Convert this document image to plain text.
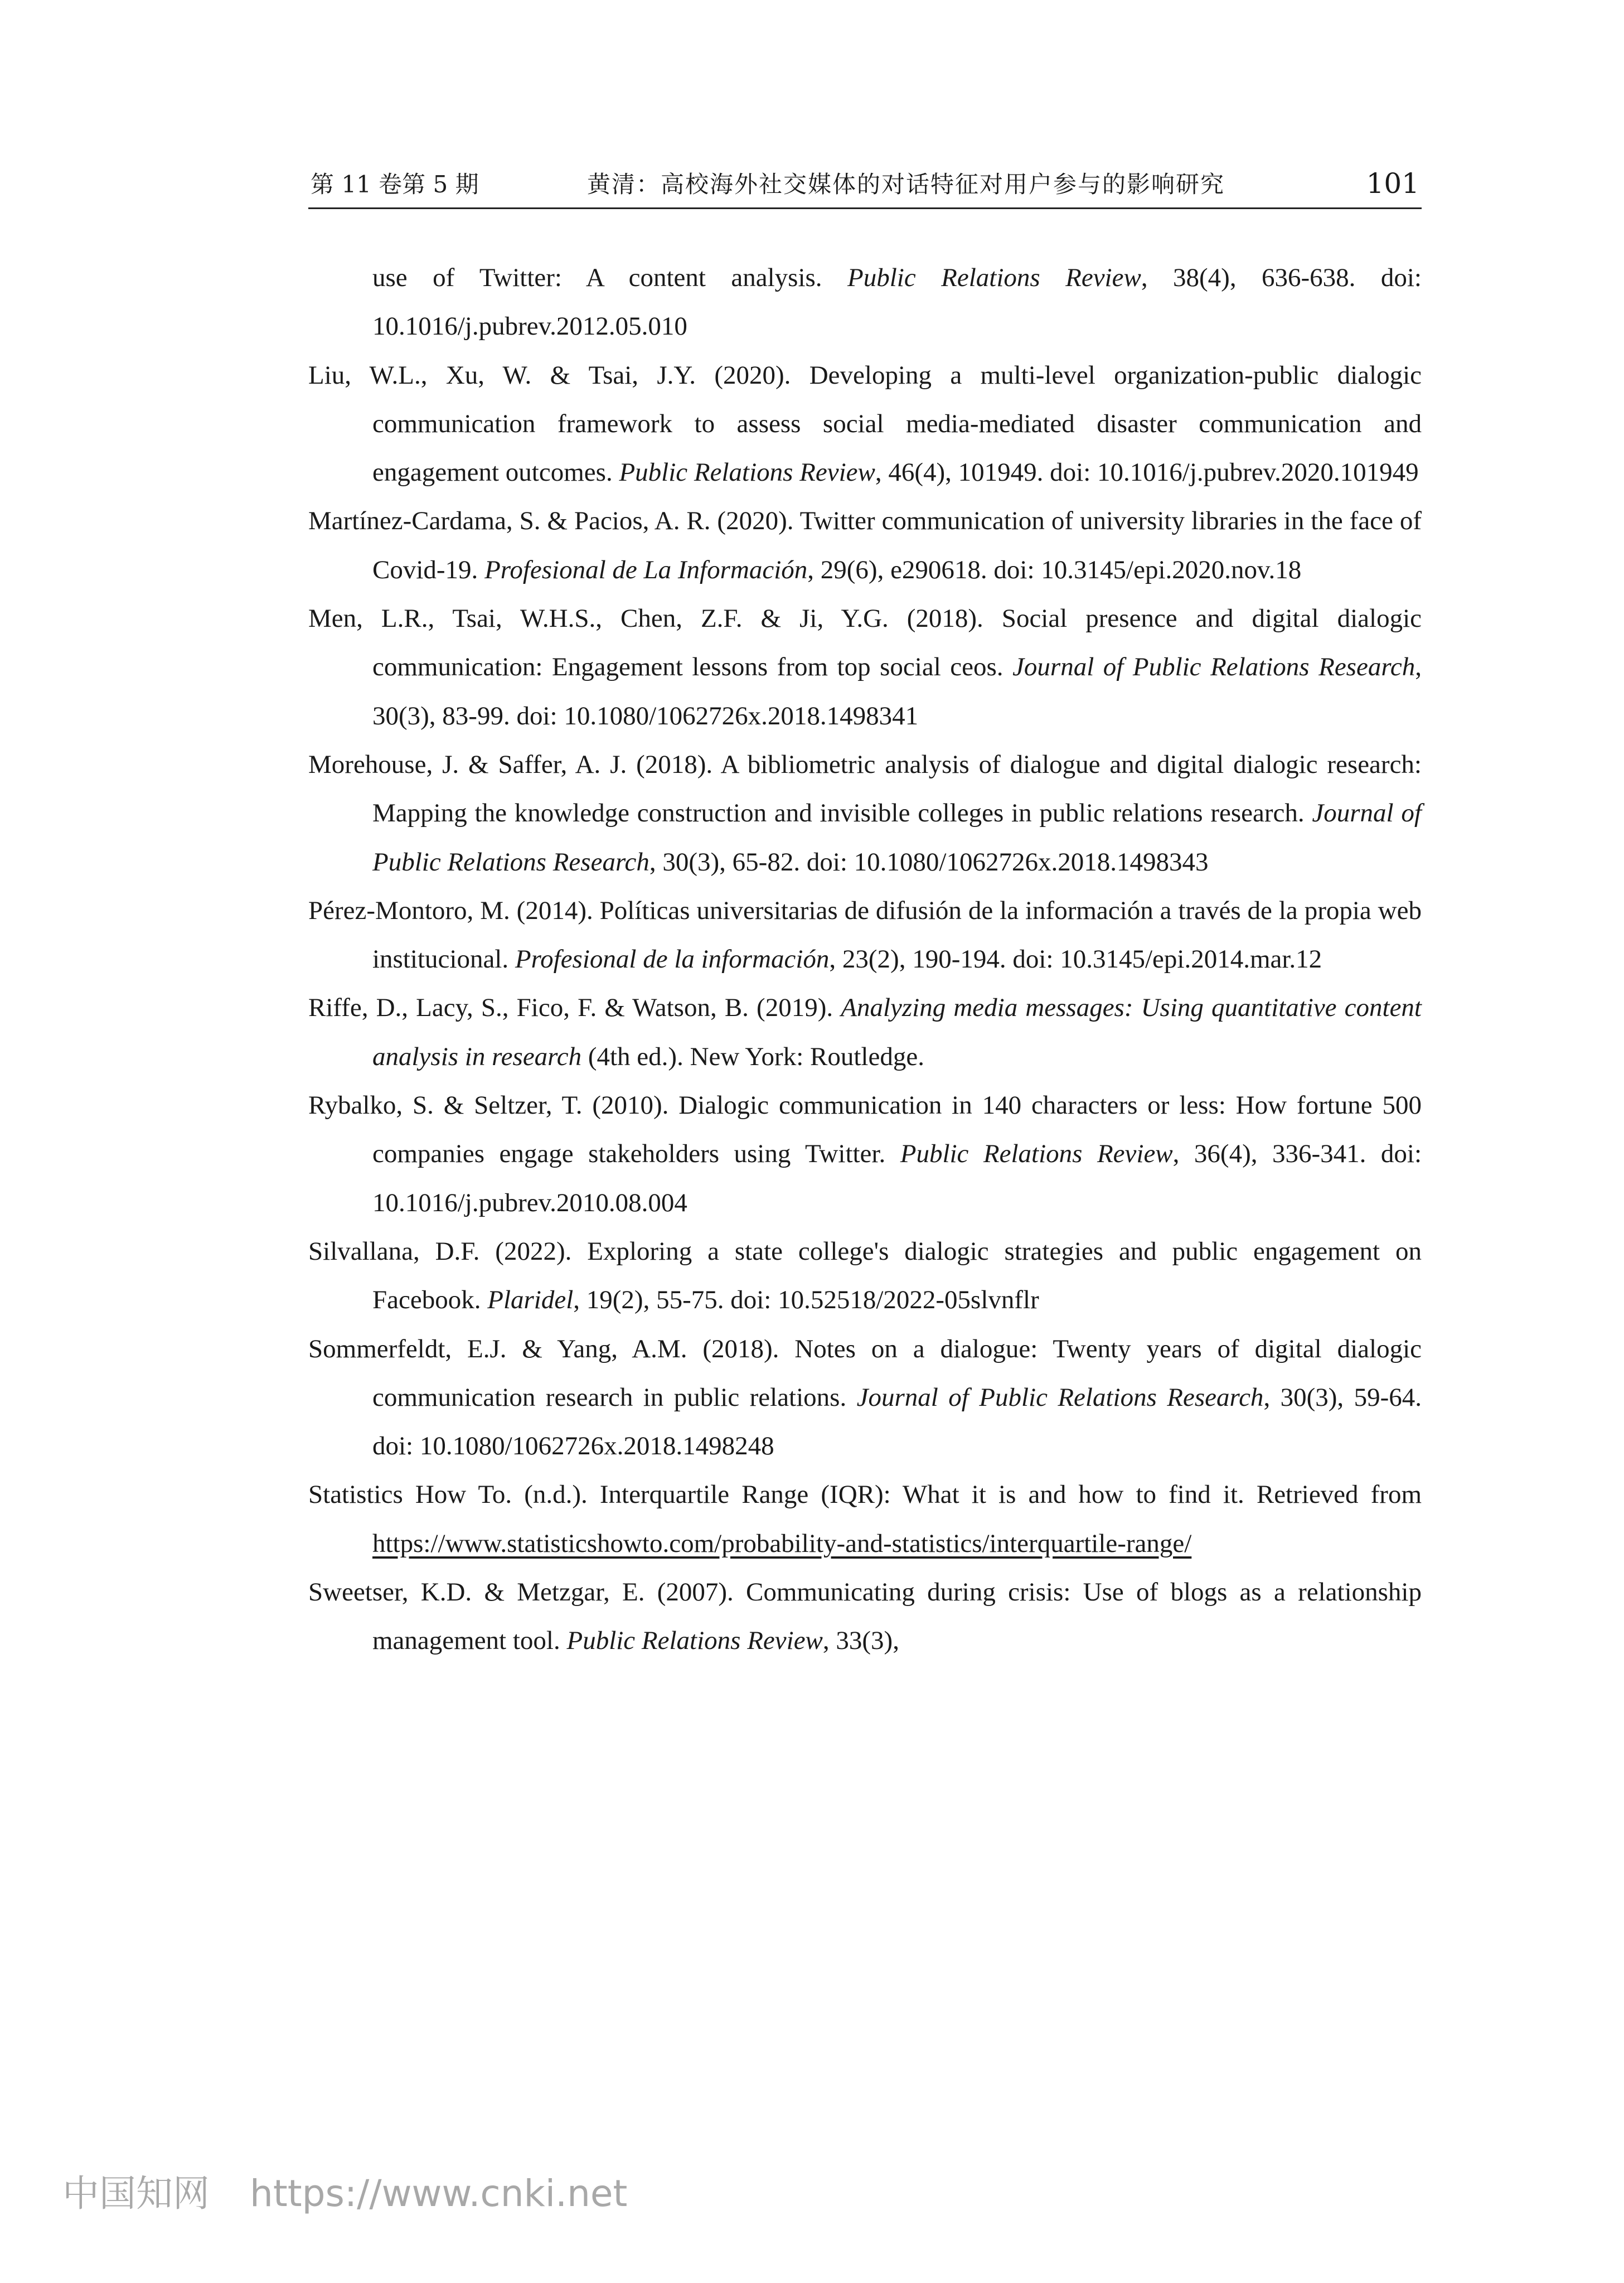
第 11 卷第 5 期	黄清：高校海外社交媒体的对话特征对用户参与的影响研究	101

use of Twitter: A content analysis. Public Relations Review, 38(4), 636-638. doi: 10.1016/j.pubrev.2012.05.010

Liu, W.L., Xu, W. & Tsai, J.Y. (2020). Developing a multi-level organization-public dialogic communication framework to assess social media-mediated disaster communication and engagement outcomes. Public Relations Review, 46(4), 101949. doi: 10.1016/j.pubrev.2020.101949

Martínez-Cardama, S. & Pacios, A. R. (2020). Twitter communication of university libraries in the face of Covid-19. Profesional de La Información, 29(6), e290618. doi: 10.3145/epi.2020.nov.18

Men, L.R., Tsai, W.H.S., Chen, Z.F. & Ji, Y.G. (2018). Social presence and digital dialogic communication: Engagement lessons from top social ceos. Journal of Public Relations Research, 30(3), 83-99. doi: 10.1080/1062726x.2018.1498341

Morehouse, J. & Saffer, A. J. (2018). A bibliometric analysis of dialogue and digital dialogic research: Mapping the knowledge construction and invisible colleges in public relations research. Journal of Public Relations Research, 30(3), 65-82. doi: 10.1080/1062726x.2018.1498343

Pérez-Montoro, M. (2014). Políticas universitarias de difusión de la información a través de la propia web institucional. Profesional de la información, 23(2), 190-194. doi: 10.3145/epi.2014.mar.12

Riffe, D., Lacy, S., Fico, F. & Watson, B. (2019). Analyzing media messages: Using quantitative content analysis in research (4th ed.). New York: Routledge.

Rybalko, S. & Seltzer, T. (2010). Dialogic communication in 140 characters or less: How fortune 500 companies engage stakeholders using Twitter. Public Relations Review, 36(4), 336-341. doi: 10.1016/j.pubrev.2010.08.004

Silvallana, D.F. (2022). Exploring a state college's dialogic strategies and public engagement on Facebook. Plaridel, 19(2), 55-75. doi: 10.52518/2022-05slvnflr

Sommerfeldt, E.J. & Yang, A.M. (2018). Notes on a dialogue: Twenty years of digital dialogic communication research in public relations. Journal of Public Relations Research, 30(3), 59-64. doi: 10.1080/1062726x.2018.1498248

Statistics How To. (n.d.). Interquartile Range (IQR): What it is and how to find it. Retrieved from https://www.statisticshowto.com/probability-and-statistics/interquartile-range/

Sweetser, K.D. & Metzgar, E. (2007). Communicating during crisis: Use of blogs as a relationship management tool. Public Relations Review, 33(3),

中国知网 https://www.cnki.net
